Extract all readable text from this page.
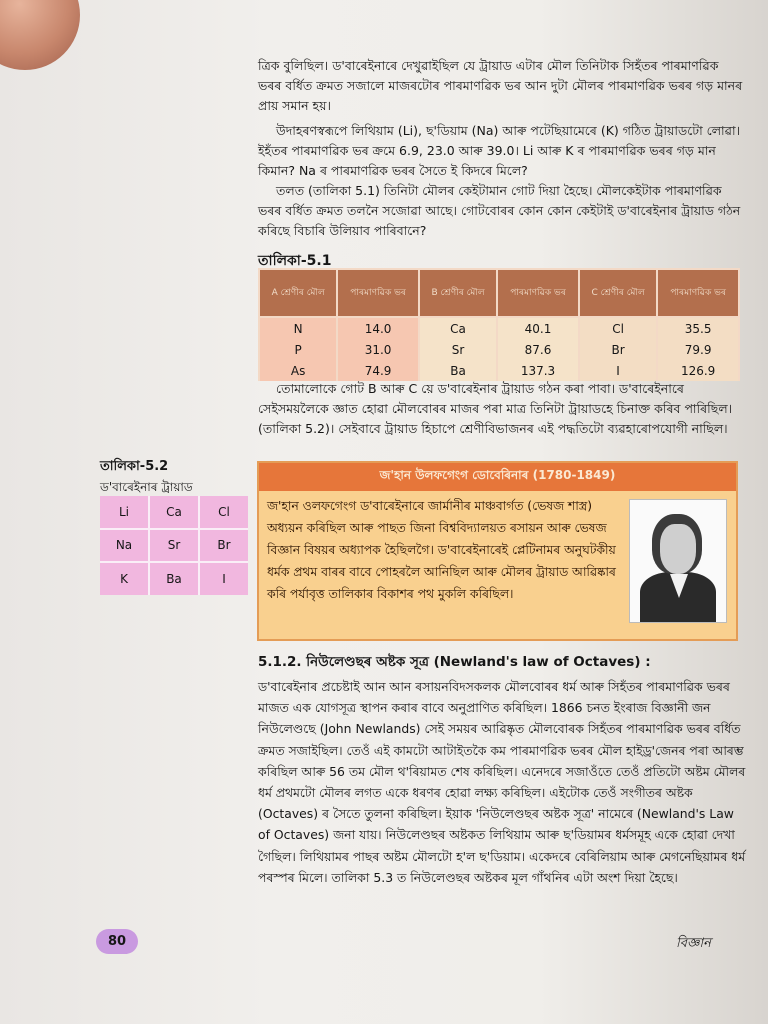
ত্রিক বুলিছিল। ড'বাৰেইনাৰে দেখুৱাইছিল যে ট্ৰায়াড এটাৰ মৌল তিনিটাক সিহঁতৰ পাৰমাণৱিক ভৰৰ বৰ্ধিত ক্ৰমত সজালে মাজৰটোৰ পাৰমাণৱিক ভৰ আন দুটা মৌলৰ পাৰমাণৱিক ভৰৰ গড় মানৰ প্ৰায় সমান হয়।

উদাহৰণস্বৰূপে লিথিয়াম (Li), ছ'ডিয়াম (Na) আৰু পটেছিয়ামেৰে (K) গঠিত ট্ৰায়াডটো লোৱা। ইহঁতৰ পাৰমাণৱিক ভৰ ক্ৰমে 6.9, 23.0 আৰু 39.0। Li আৰু K ৰ পাৰমাণৱিক ভৰৰ গড় মান কিমান? Na ৰ পাৰমাণৱিক ভৰৰ সৈতে ই কিদৰে মিলে?

তলত (তালিকা 5.1) তিনিটা মৌলৰ কেইটামান গোট দিয়া হৈছে। মৌলকেইটাক পাৰমাণৱিক ভৰৰ বৰ্ধিত ক্ৰমত তলনৈ সজোৱা আছে। গোটবোৰৰ কোন কোন কেইটাই ড'বাৰেইনাৰ ট্ৰায়াড গঠন কৰিছে বিচাৰি উলিয়াব পাৰিবানে?

তালিকা-5.1
A শ্ৰেণীৰ মৌল	পাৰমাণৱিক ভৰ	B শ্ৰেণীৰ মৌল	পাৰমাণৱিক ভৰ	C শ্ৰেণীৰ মৌল	পাৰমাণৱিক ভৰ
N	14.0	Ca	40.1	Cl	35.5
P	31.0	Sr	87.6	Br	79.9
As	74.9	Ba	137.3	I	126.9

তোমালোকে গোট B আৰু C য়ে ড'বাৰেইনাৰ ট্ৰায়াড গঠন কৰা পাবা। ড'বাৰেইনাৰে সেইসময়লৈকে জ্ঞাত হোৱা মৌলবোৰৰ মাজৰ পৰা মাত্ৰ তিনিটা ট্ৰায়াডহে চিনাক্ত কৰিব পাৰিছিল। (তালিকা 5.2)। সেইবাবে ট্ৰায়াড হিচাপে শ্ৰেণীবিভাজনৰ এই পদ্ধতিটো ব্যৱহাৰোপযোগী নাছিল।

তালিকা-5.2
ড'বাৰেইনাৰ ট্ৰায়াড
Li	Ca	Cl
Na	Sr	Br
K	Ba	I
জ'হান উলফগেংগ ডোবেৰিনাৰ (1780-1849)

জ'হান ওলফগেংগ ড'বাৰেইনাৰে জাৰ্মানীৰ মাঞ্চবাৰ্গত (ভেষজ শাস্ত্ৰ) অধ্যয়ন কৰিছিল আৰু পাছত জিনা বিশ্ববিদ্যালয়ত ৰসায়ন আৰু ভেষজ বিজ্ঞান বিষয়ৰ অধ্যাপক হৈছিলগৈ। ড'বাৰেইনাৰেই প্লেটিনামৰ অনুঘটকীয় ধৰ্মক প্ৰথম বাৰৰ বাবে পোহৰলৈ আনিছিল আৰু মৌলৰ ট্ৰায়াড আৱিষ্কাৰ কৰি পৰ্যাবৃত্ত তালিকাৰ বিকাশৰ পথ মুকলি কৰিছিল।

5.1.2. নিউলেণ্ডছৰ অষ্টক সূত্ৰ (Newland's law of Octaves) :

ড'বাৰেইনাৰ প্ৰচেষ্টাই আন আন ৰসায়নবিদসকলক মৌলবোৰৰ ধৰ্ম আৰু সিহঁতৰ পাৰমাণৱিক ভৰৰ মাজত এক যোগসূত্ৰ স্থাপন কৰাৰ বাবে অনুপ্ৰাণিত কৰিছিল। 1866 চনত ইংৰাজ বিজ্ঞানী জন নিউলেণ্ডছে (John Newlands) সেই সময়ৰ আৱিষ্কৃত মৌলবোৰক সিহঁতৰ পাৰমাণৱিক ভৰৰ বৰ্ধিত ক্ৰমত সজাইছিল। তেওঁ এই কামটো আটাইতকৈ কম পাৰমাণৱিক ভৰৰ মৌল হাইড্ৰ'জেনৰ পৰা আৰম্ভ কৰিছিল আৰু 56 তম মৌল থ'ৰিয়ামত শেষ কৰিছিল। এনেদৰে সজাওঁতে তেওঁ প্ৰতিটো অষ্টম মৌলৰ ধৰ্ম প্ৰথমটো মৌলৰ লগত একে ধৰণৰ হোৱা লক্ষ্য কৰিছিল। এইটোক তেওঁ সংগীতৰ অষ্টক (Octaves) ৰ সৈতে তুলনা কৰিছিল। ইয়াক 'নিউলেণ্ডছৰ অষ্টক সূত্ৰ' নামেৰে (Newland's Law of Octaves) জনা যায়। নিউলেণ্ডছৰ অষ্টকত লিথিয়াম আৰু ছ'ডিয়ামৰ ধৰ্মসমূহ একে হোৱা দেখা গৈছিল। লিথিয়ামৰ পাছৰ অষ্টম মৌলটো হ'ল ছ'ডিয়াম। একেদৰে বেৰিলিয়াম আৰু মেগনেছিয়ামৰ ধৰ্ম পৰস্পৰ মিলে। তালিকা 5.3 ত নিউলেণ্ডছৰ অষ্টকৰ মূল গাঁথনিৰ এটা অংশ দিয়া হৈছে।

80	বিজ্ঞান
